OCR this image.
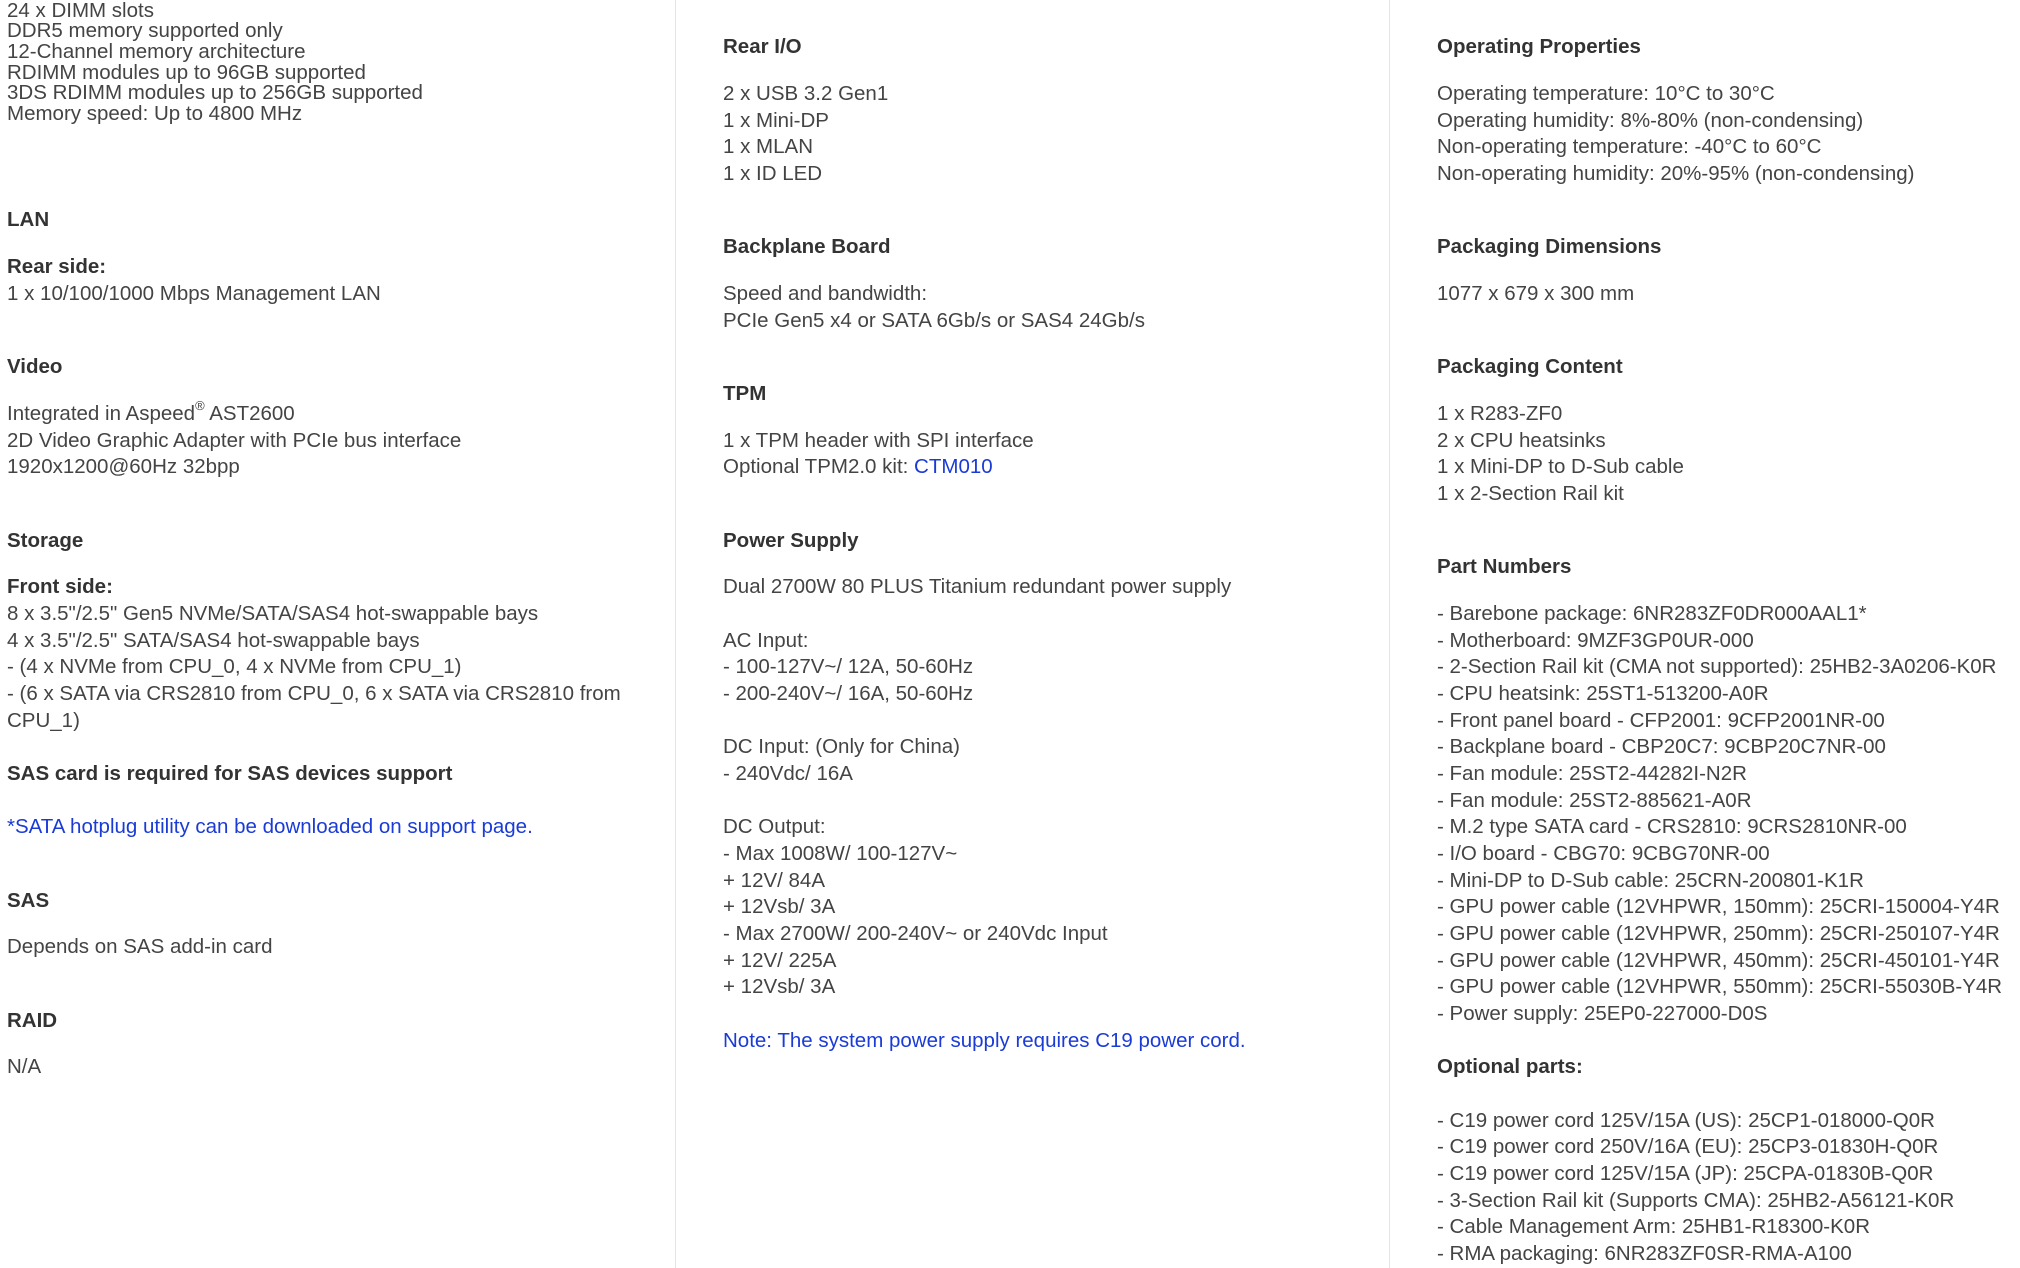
24 x DIMM slots
DDR5 memory supported only
12-Channel memory architecture
RDIMM modules up to 96GB supported
3DS RDIMM modules up to 256GB supported
Memory speed: Up to 4800 MHz
LAN
Rear side:
1 x 10/100/1000 Mbps Management LAN
Video
Integrated in Aspeed® AST2600
2D Video Graphic Adapter with PCIe bus interface
1920x1200@60Hz 32bpp
Storage
Front side:
8 x 3.5"/2.5" Gen5 NVMe/SATA/SAS4 hot-swappable bays
4 x 3.5"/2.5" SATA/SAS4 hot-swappable bays
- (4 x NVMe from CPU_0, 4 x NVMe from CPU_1)
- (6 x SATA via CRS2810 from CPU_0, 6 x SATA via CRS2810 from
CPU_1)
SAS card is required for SAS devices support
*SATA hotplug utility can be downloaded on support page.
SAS
Depends on SAS add-in card
RAID
N/A
Rear I/O
2 x USB 3.2 Gen1
1 x Mini-DP
1 x MLAN
1 x ID LED
Backplane Board
Speed and bandwidth:
PCIe Gen5 x4 or SATA 6Gb/s or SAS4 24Gb/s
TPM
1 x TPM header with SPI interface
Optional TPM2.0 kit: CTM010
Power Supply
Dual 2700W 80 PLUS Titanium redundant power supply
AC Input:
- 100-127V~/ 12A, 50-60Hz
- 200-240V~/ 16A, 50-60Hz
DC Input: (Only for China)
- 240Vdc/ 16A
DC Output:
- Max 1008W/ 100-127V~
+ 12V/ 84A
+ 12Vsb/ 3A
- Max 2700W/ 200-240V~ or 240Vdc Input
+ 12V/ 225A
+ 12Vsb/ 3A
Note: The system power supply requires C19 power cord.
Operating Properties
Operating temperature: 10°C to 30°C
Operating humidity: 8%-80% (non-condensing)
Non-operating temperature: -40°C to 60°C
Non-operating humidity: 20%-95% (non-condensing)
Packaging Dimensions
1077 x 679 x 300 mm
Packaging Content
1 x R283-ZF0
2 x CPU heatsinks
1 x Mini-DP to D-Sub cable
1 x 2-Section Rail kit
Part Numbers
- Barebone package: 6NR283ZF0DR000AAL1*
- Motherboard: 9MZF3GP0UR-000
- 2-Section Rail kit (CMA not supported): 25HB2-3A0206-K0R
- CPU heatsink: 25ST1-513200-A0R
- Front panel board - CFP2001: 9CFP2001NR-00
- Backplane board - CBP20C7: 9CBP20C7NR-00
- Fan module: 25ST2-44282I-N2R
- Fan module: 25ST2-885621-A0R
- M.2 type SATA card - CRS2810: 9CRS2810NR-00
- I/O board - CBG70: 9CBG70NR-00
- Mini-DP to D-Sub cable: 25CRN-200801-K1R
- GPU power cable (12VHPWR, 150mm): 25CRI-150004-Y4R
- GPU power cable (12VHPWR, 250mm): 25CRI-250107-Y4R
- GPU power cable (12VHPWR, 450mm): 25CRI-450101-Y4R
- GPU power cable (12VHPWR, 550mm): 25CRI-55030B-Y4R
- Power supply: 25EP0-227000-D0S
Optional parts:
- C19 power cord 125V/15A (US): 25CP1-018000-Q0R
- C19 power cord 250V/16A (EU): 25CP3-01830H-Q0R
- C19 power cord 125V/15A (JP): 25CPA-01830B-Q0R
- 3-Section Rail kit (Supports CMA): 25HB2-A56121-K0R
- Cable Management Arm: 25HB1-R18300-K0R
- RMA packaging: 6NR283ZF0SR-RMA-A100
